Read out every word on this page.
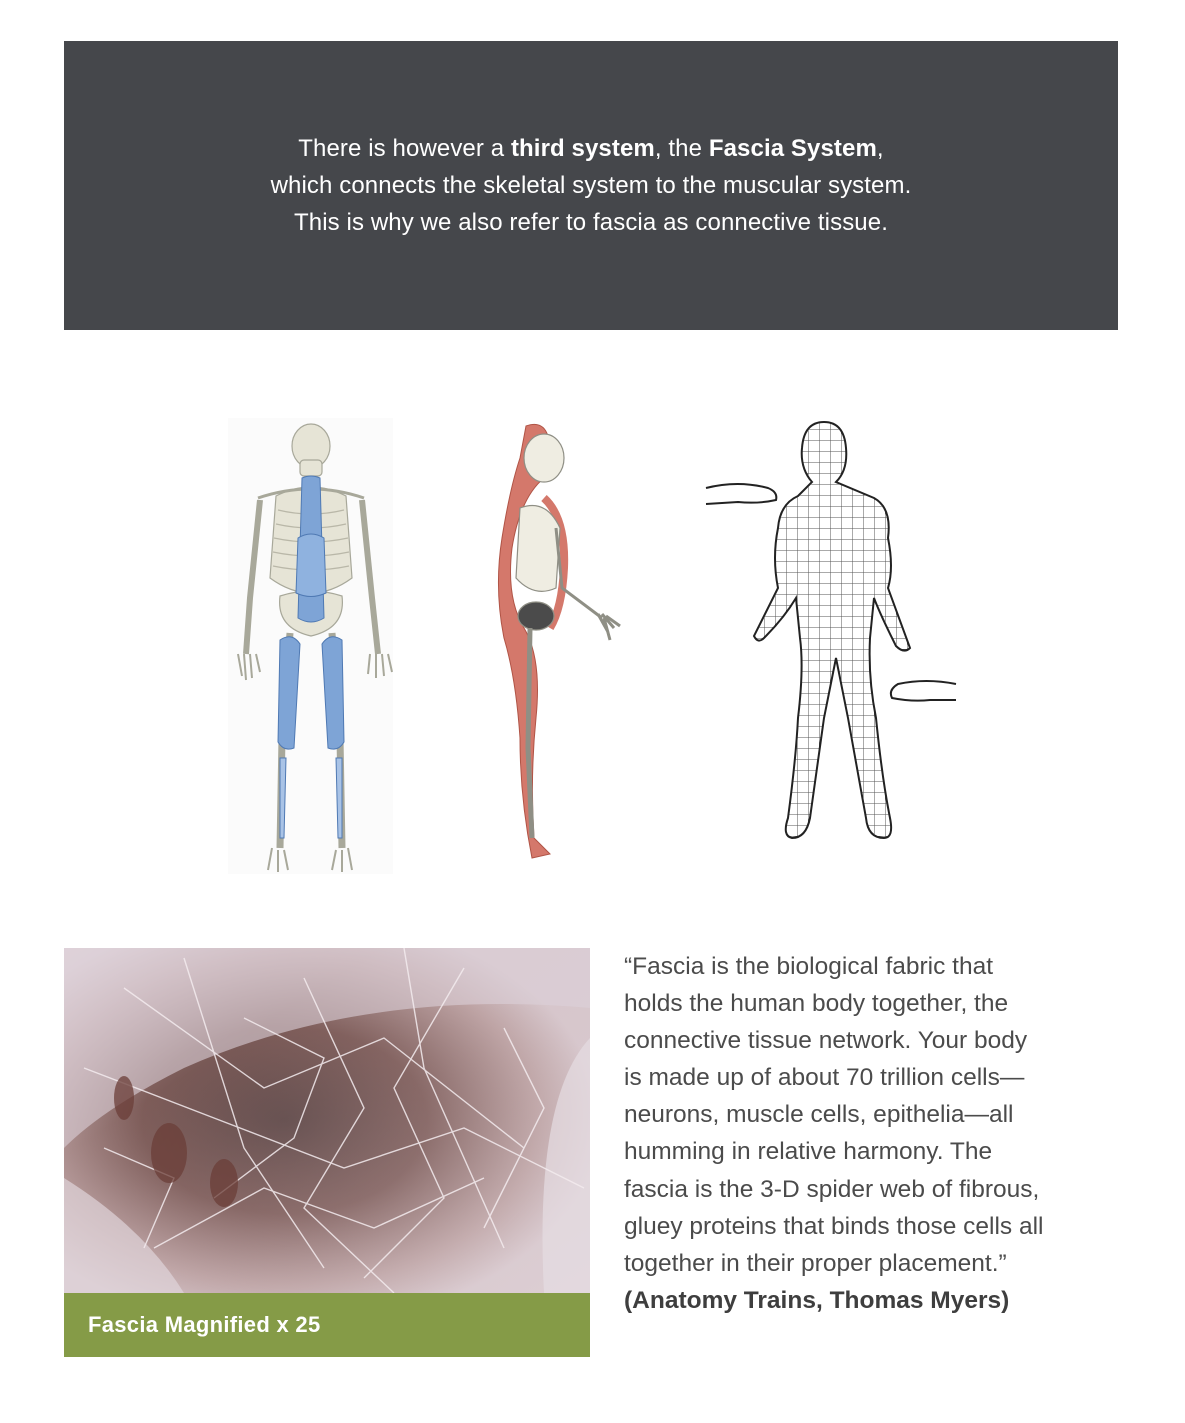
There is however a third system, the Fascia System,
which connects the skeletal system to the muscular system.
This is why we also refer to fascia as connective tissue.
Fascia Magnified x 25

“Fascia is the biological fabric that

holds the human body together, the

connective tissue network. Your body

is made up of about 70 trillion cells—

neurons, muscle cells, epithelia—all

humming in relative harmony. The

fascia is the 3-D spider web of fibrous,

gluey proteins that binds those cells all

together in their proper placement.”

(Anatomy Trains, Thomas Myers)
